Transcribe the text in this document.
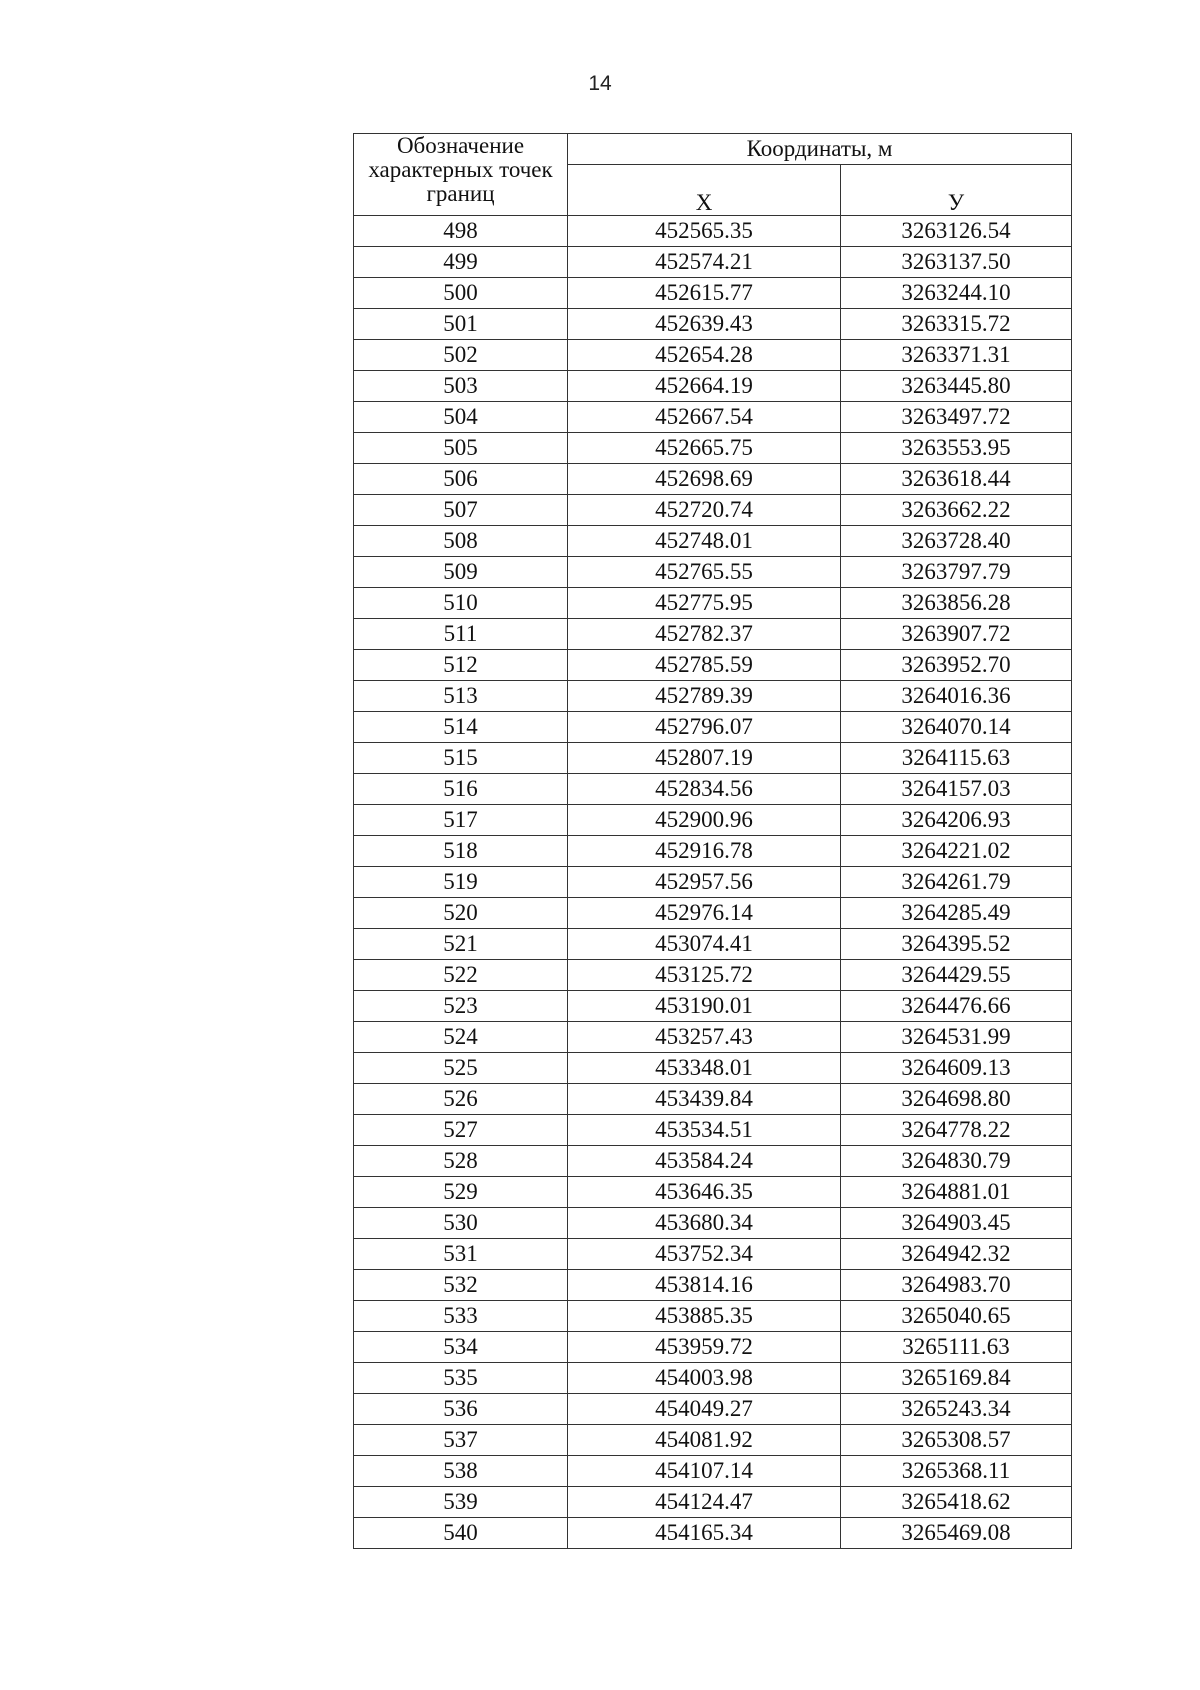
14
Обозначение характерных точек границ	Координаты, м	
	Х	У
498	452565.35	3263126.54
499	452574.21	3263137.50
500	452615.77	3263244.10
501	452639.43	3263315.72
502	452654.28	3263371.31
503	452664.19	3263445.80
504	452667.54	3263497.72
505	452665.75	3263553.95
506	452698.69	3263618.44
507	452720.74	3263662.22
508	452748.01	3263728.40
509	452765.55	3263797.79
510	452775.95	3263856.28
511	452782.37	3263907.72
512	452785.59	3263952.70
513	452789.39	3264016.36
514	452796.07	3264070.14
515	452807.19	3264115.63
516	452834.56	3264157.03
517	452900.96	3264206.93
518	452916.78	3264221.02
519	452957.56	3264261.79
520	452976.14	3264285.49
521	453074.41	3264395.52
522	453125.72	3264429.55
523	453190.01	3264476.66
524	453257.43	3264531.99
525	453348.01	3264609.13
526	453439.84	3264698.80
527	453534.51	3264778.22
528	453584.24	3264830.79
529	453646.35	3264881.01
530	453680.34	3264903.45
531	453752.34	3264942.32
532	453814.16	3264983.70
533	453885.35	3265040.65
534	453959.72	3265111.63
535	454003.98	3265169.84
536	454049.27	3265243.34
537	454081.92	3265308.57
538	454107.14	3265368.11
539	454124.47	3265418.62
540	454165.34	3265469.08
